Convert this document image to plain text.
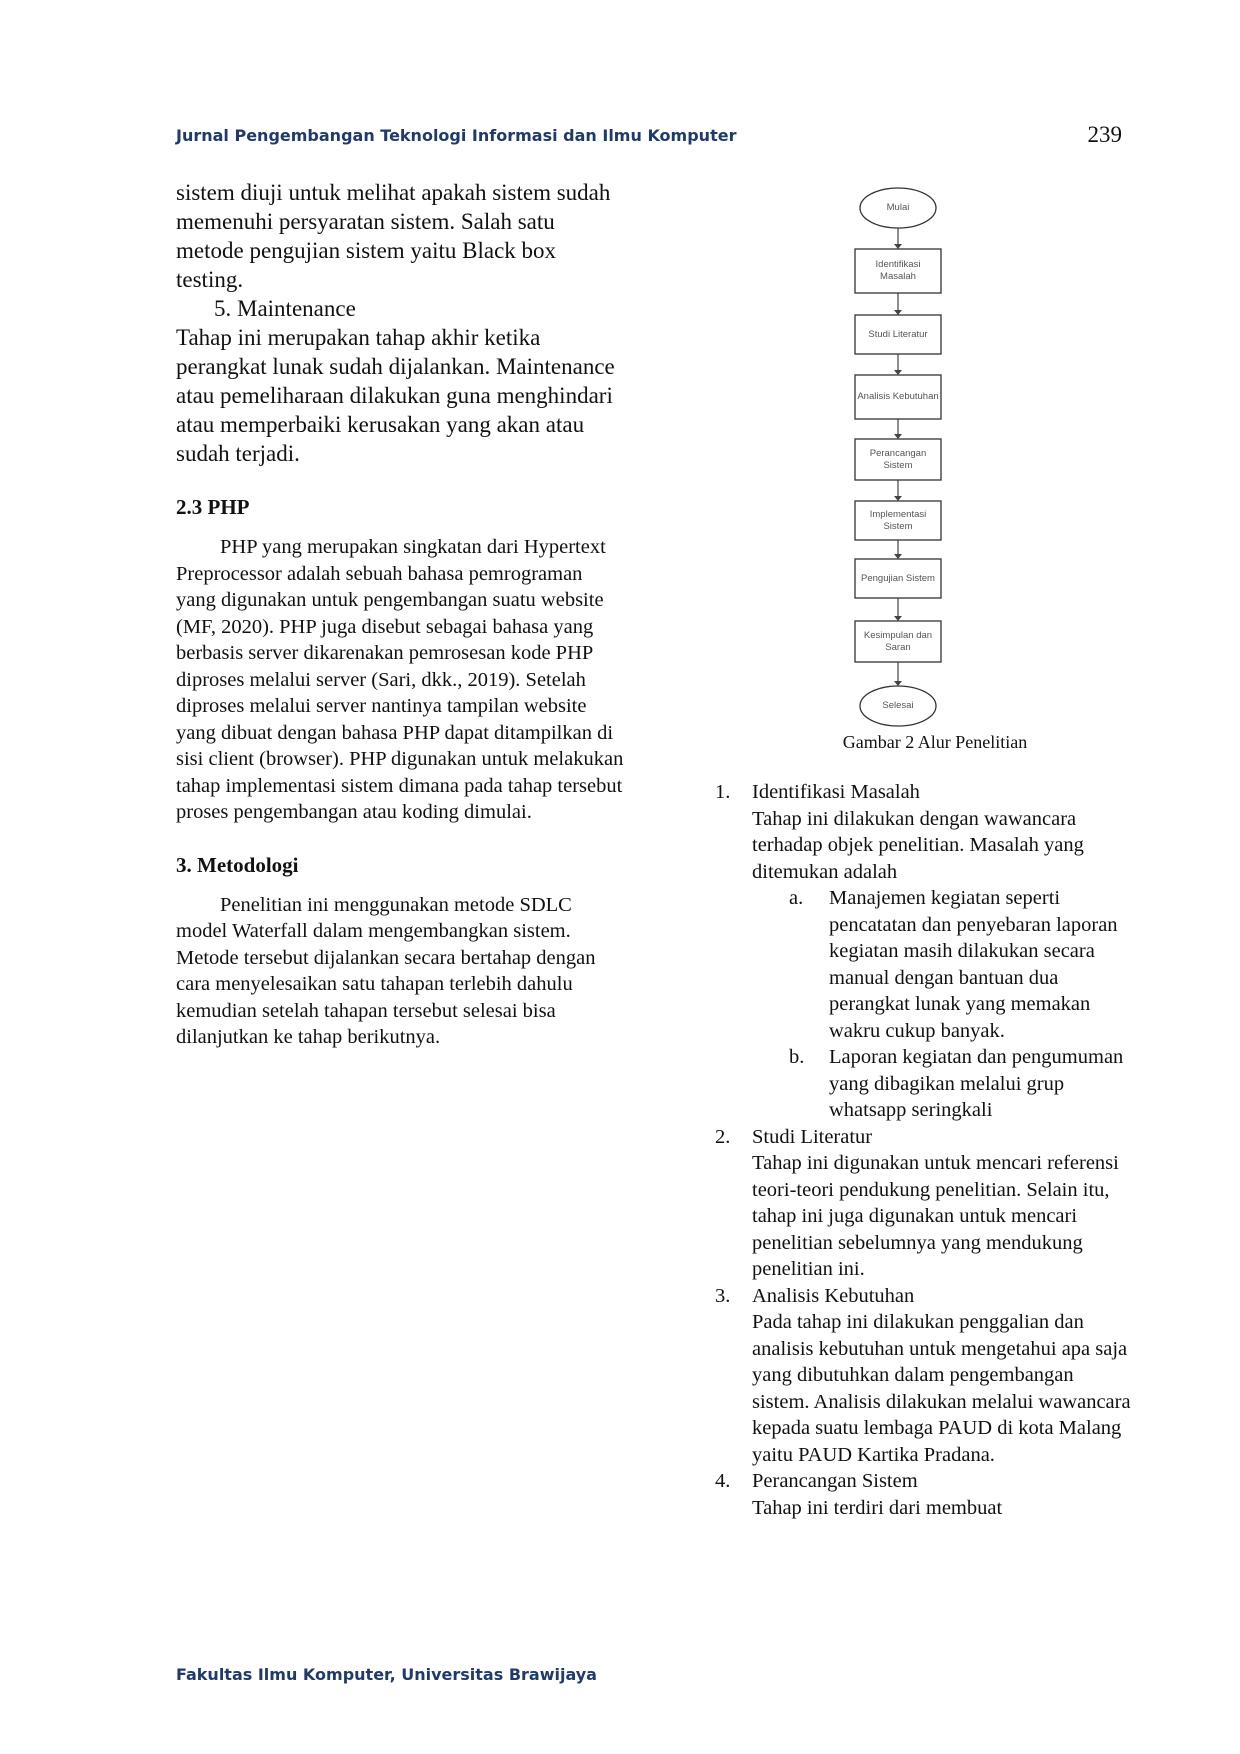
Jurnal Pengembangan Teknologi Informasi dan Ilmu Komputer	239

sistem diuji untuk melihat apakah sistem sudah memenuhi persyaratan sistem. Salah satu metode pengujian sistem yaitu Black box testing.

5. Maintenance

Tahap ini merupakan tahap akhir ketika perangkat lunak sudah dijalankan. Maintenance atau pemeliharaan dilakukan guna menghindari atau memperbaiki kerusakan yang akan atau sudah terjadi.

2.3 PHP

PHP yang merupakan singkatan dari Hypertext Preprocessor adalah sebuah bahasa pemrograman yang digunakan untuk pengembangan suatu website (MF, 2020). PHP juga disebut sebagai bahasa yang berbasis server dikarenakan pemrosesan kode PHP diproses melalui server (Sari, dkk., 2019). Setelah diproses melalui server nantinya tampilan website yang dibuat dengan bahasa PHP dapat ditampilkan di sisi client (browser). PHP digunakan untuk melakukan tahap implementasi sistem dimana pada tahap tersebut proses pengembangan atau koding dimulai.

3. Metodologi

Penelitian ini menggunakan metode SDLC model Waterfall dalam mengembangkan sistem. Metode tersebut dijalankan secara bertahap dengan cara menyelesaikan satu tahapan terlebih dahulu kemudian setelah tahapan tersebut selesai bisa dilanjutkan ke tahap berikutnya.

Mulai
Identifikasi Masalah
Studi Literatur
Analisis Kebutuhan
Perancangan Sistem
Implementasi Sistem
Pengujian Sistem
Kesimpulan dan Saran
Selesai

Gambar 2 Alur Penelitian

1. Identifikasi Masalah
Tahap ini dilakukan dengan wawancara terhadap objek penelitian. Masalah yang ditemukan adalah
a.	Manajemen kegiatan seperti pencatatan dan penyebaran laporan kegiatan masih dilakukan secara manual dengan bantuan dua perangkat lunak yang memakan wakru cukup banyak.
b.	Laporan kegiatan dan pengumuman yang dibagikan melalui grup whatsapp seringkali
2. Studi Literatur
Tahap ini digunakan untuk mencari referensi teori-teori pendukung penelitian. Selain itu, tahap ini juga digunakan untuk mencari penelitian sebelumnya yang mendukung penelitian ini.
3. Analisis Kebutuhan
Pada tahap ini dilakukan penggalian dan analisis kebutuhan untuk mengetahui apa saja yang dibutuhkan dalam pengembangan sistem. Analisis dilakukan melalui wawancara kepada suatu lembaga PAUD di kota Malang yaitu PAUD Kartika Pradana.
4. Perancangan Sistem
Tahap ini terdiri dari membuat
Fakultas Ilmu Komputer, Universitas Brawijaya
